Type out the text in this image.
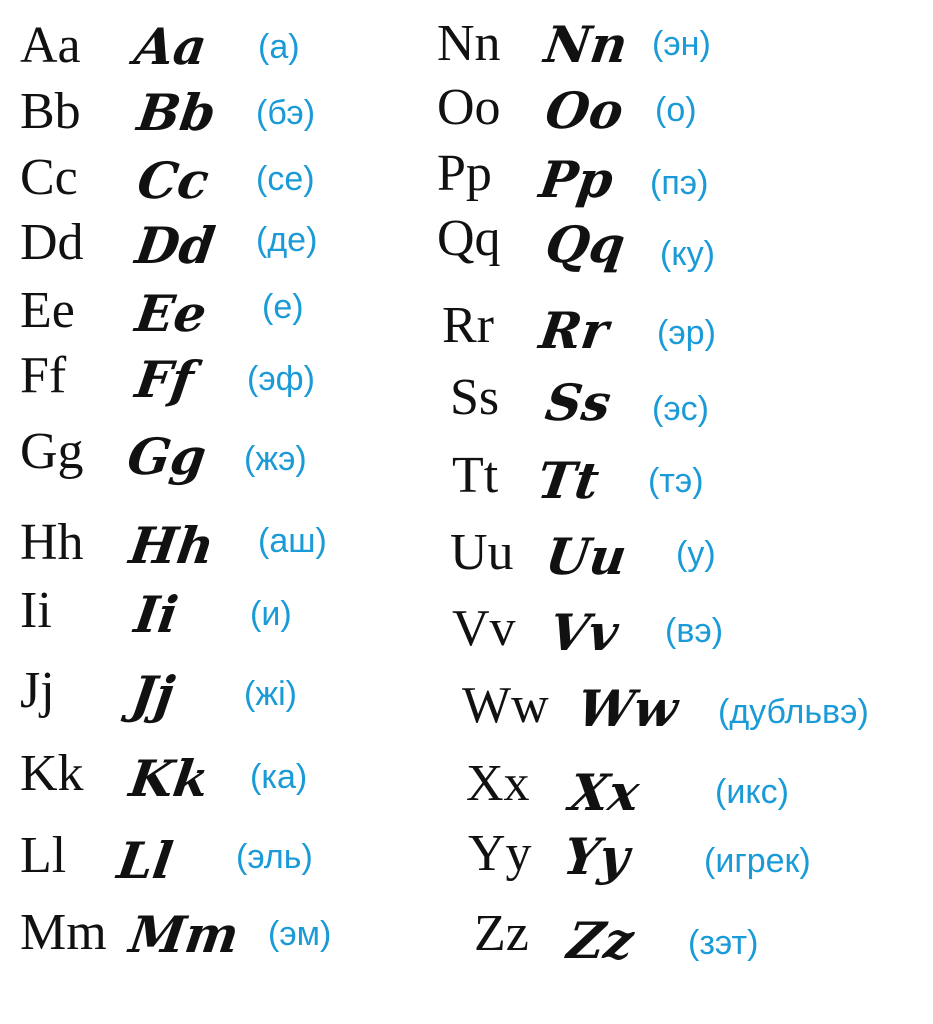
Aa Aa (а)
Bb Bb (бэ)
Cc Cc (се)
Dd Dd (де)
Ee Ee (е)
Ff Ff (эф)
Gg Gg (жэ)
Hh Hh (аш)
Ii Ii (и)
Jj Jj (жі)
Kk Kk (ка)
Ll Ll (эль)
Mm Mm (эм)
Nn Nn (эн)
Oo Oo (о)
Pp Pp (пэ)
Qq Qq (ку)
Rr Rr (эр)
Ss Ss (эс)
Tt Tt (тэ)
Uu Uu (у)
Vv Vv (вэ)
Ww Ww (дубльвэ)
Xx Xx (икс)
Yy Yy (игрек)
Zz Zz (зэт)
